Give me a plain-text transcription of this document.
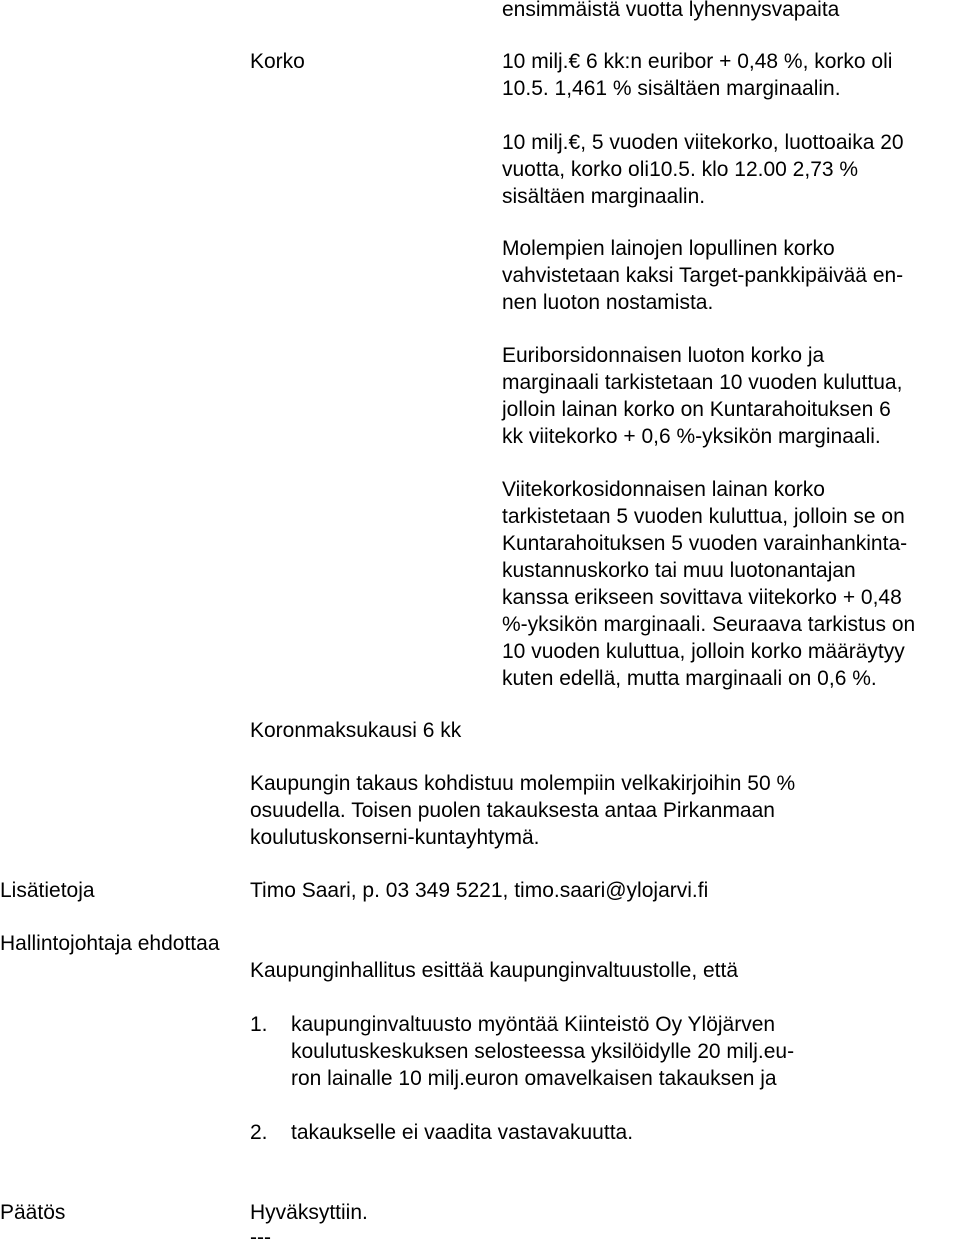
ensimmäistä vuotta lyhennysvapaita
Korko	10 milj.€ 6 kk:n euribor + 0,48 %, korko oli
10.5. 1,461 % sisältäen marginaalin.
10 milj.€, 5 vuoden viitekorko, luottoaika 20
vuotta, korko oli10.5. klo 12.00 2,73 %
sisältäen marginaalin.
Molempien lainojen lopullinen korko
vahvistetaan kaksi Target-pankkipäivää en-
nen luoton nostamista.
Euriborsidonnaisen luoton korko ja
marginaali tarkistetaan 10 vuoden kuluttua,
jolloin lainan korko on Kuntarahoituksen 6
kk viitekorko + 0,6 %-yksikön marginaali.
Viitekorkosidonnaisen lainan korko
tarkistetaan 5 vuoden kuluttua, jolloin se on
Kuntarahoituksen 5 vuoden varainhankinta-
kustannuskorko tai muu luotonantajan
kanssa erikseen sovittava viitekorko + 0,48
%-yksikön marginaali. Seuraava tarkistus on
10 vuoden kuluttua, jolloin korko määräytyy
kuten edellä, mutta marginaali on 0,6 %.
Koronmaksukausi 6 kk
Kaupungin takaus kohdistuu molempiin velkakirjoihin 50 %
osuudella. Toisen puolen takauksesta antaa Pirkanmaan
koulutuskonserni-kuntayhtymä.
Lisätietoja	Timo Saari, p. 03 349 5221, timo.saari@ylojarvi.fi
Hallintojohtaja ehdottaa
Kaupunginhallitus esittää kaupunginvaltuustolle, että
1. kaupunginvaltuusto myöntää Kiinteistö Oy Ylöjärven
koulutuskeskuksen selosteessa yksilöidylle 20 milj.eu-
ron lainalle 10 milj.euron omavelkaisen takauksen ja
2. takaukselle ei vaadita vastavakuutta.
Päätös	Hyväksyttiin.
---
